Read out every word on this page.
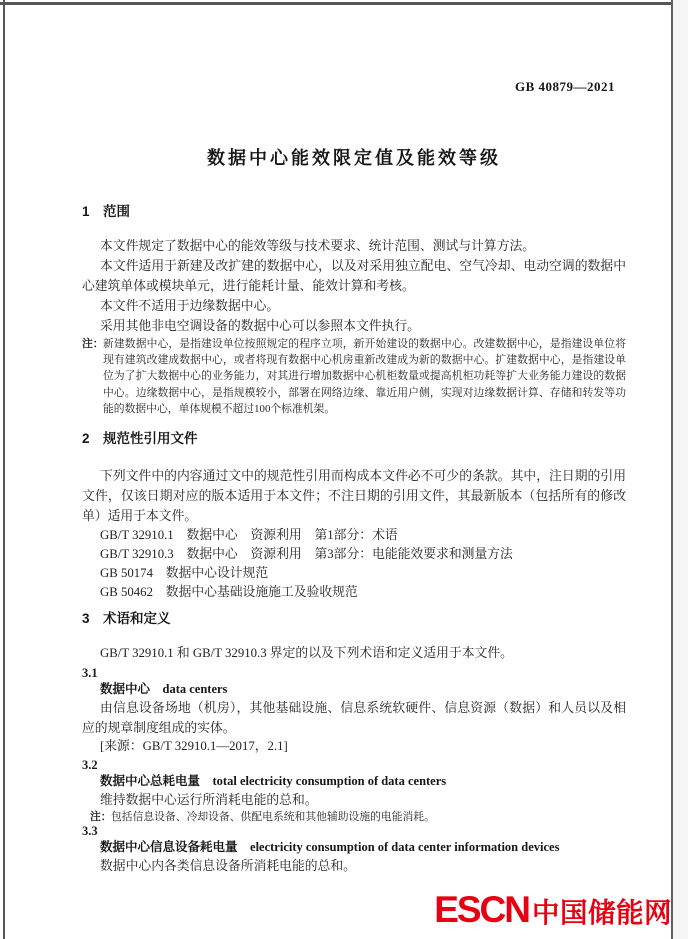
GB 40879—2021
数据中心能效限定值及能效等级
1　范围

本文件规定了数据中心的能效等级与技术要求、统计范围、测试与计算方法。

本文件适用于新建及改扩建的数据中心，以及对采用独立配电、空气冷却、电动空调的数据中心建筑单体或模块单元，进行能耗计量、能效计算和考核。

本文件不适用于边缘数据中心。

采用其他非电空调设备的数据中心可以参照本文件执行。

注： 新建数据中心，是指建设单位按照规定的程序立项，新开始建设的数据中心。改建数据中心，是指建设单位将现有建筑改建成数据中心，或者将现有数据中心机房重新改建成为新的数据中心。扩建数据中心，是指建设单位为了扩大数据中心的业务能力，对其进行增加数据中心机柜数量或提高机柜功耗等扩大业务能力建设的数据中心。边缘数据中心，是指规模较小，部署在网络边缘、靠近用户侧，实现对边缘数据计算、存储和转发等功能的数据中心，单体规模不超过100个标准机架。
2　规范性引用文件

下列文件中的内容通过文中的规范性引用而构成本文件必不可少的条款。其中，注日期的引用文件，仅该日期对应的版本适用于本文件；不注日期的引用文件，其最新版本（包括所有的修改单）适用于本文件。

GB/T 32910.1 数据中心　资源利用　第1部分：术语
GB/T 32910.3 数据中心　资源利用　第3部分：电能能效要求和测量方法
GB 50174 数据中心设计规范
GB 50462 数据中心基础设施施工及验收规范
3　术语和定义

GB/T 32910.1 和 GB/T 32910.3 界定的以及下列术语和定义适用于本文件。

3.1
数据中心 data centers

由信息设备场地（机房），其他基础设施、信息系统软硬件、信息资源（数据）和人员以及相应的规章制度组成的实体。

[来源：GB/T 32910.1—2017，2.1]
3.2
数据中心总耗电量 total electricity consumption of data centers

维持数据中心运行所消耗电能的总和。

注： 包括信息设备、冷却设备、供配电系统和其他辅助设施的电能消耗。
3.3
数据中心信息设备耗电量 electricity consumption of data center information devices

数据中心内各类信息设备所消耗电能的总和。

ESCN 中国储能网
